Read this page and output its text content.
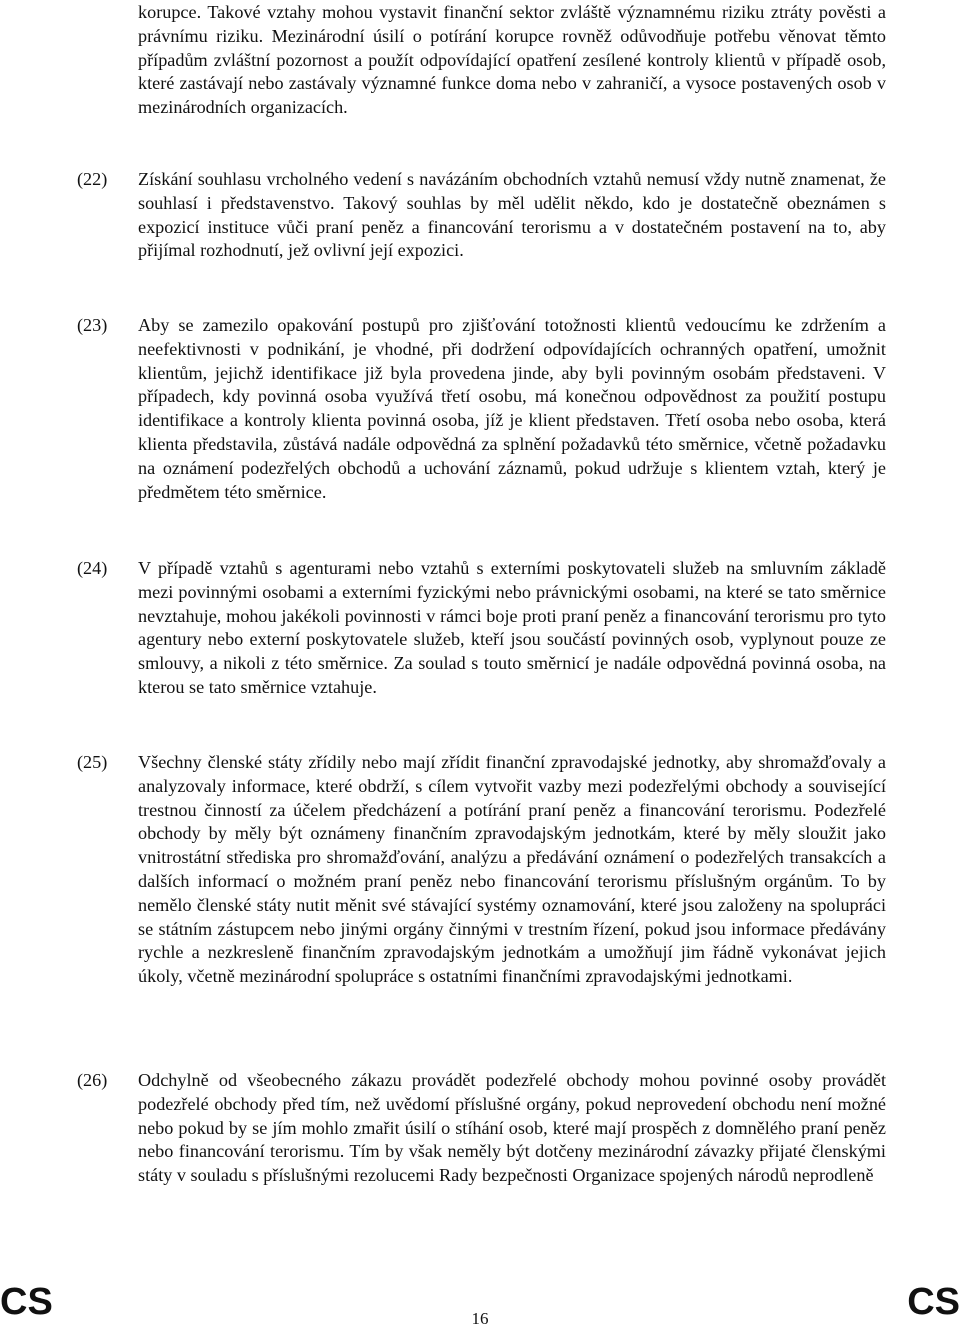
korupce. Takové vztahy mohou vystavit finanční sektor zvláště významnému riziku ztráty pověsti a právnímu riziku. Mezinárodní úsilí o potírání korupce rovněž odůvodňuje potřebu věnovat těmto případům zvláštní pozornost a použít odpovídající opatření zesílené kontroly klientů v případě osob, které zastávají nebo zastávaly významné funkce doma nebo v zahraničí, a vysoce postavených osob v mezinárodních organizacích.

(22) Získání souhlasu vrcholného vedení s navázáním obchodních vztahů nemusí vždy nutně znamenat, že souhlasí i představenstvo. Takový souhlas by měl udělit někdo, kdo je dostatečně obeznámen s expozicí instituce vůči praní peněz a financování terorismu a v dostatečném postavení na to, aby přijímal rozhodnutí, jež ovlivní její expozici.

(23) Aby se zamezilo opakování postupů pro zjišťování totožnosti klientů vedoucímu ke zdržením a neefektivnosti v podnikání, je vhodné, při dodržení odpovídajících ochranných opatření, umožnit klientům, jejichž identifikace již byla provedena jinde, aby byli povinným osobám představeni. V případech, kdy povinná osoba využívá třetí osobu, má konečnou odpovědnost za použití postupu identifikace a kontroly klienta povinná osoba, jíž je klient představen. Třetí osoba nebo osoba, která klienta představila, zůstává nadále odpovědná za splnění požadavků této směrnice, včetně požadavku na oznámení podezřelých obchodů a uchování záznamů, pokud udržuje s klientem vztah, který je předmětem této směrnice.

(24) V případě vztahů s agenturami nebo vztahů s externími poskytovateli služeb na smluvním základě mezi povinnými osobami a externími fyzickými nebo právnickými osobami, na které se tato směrnice nevztahuje, mohou jakékoli povinnosti v rámci boje proti praní peněz a financování terorismu pro tyto agentury nebo externí poskytovatele služeb, kteří jsou součástí povinných osob, vyplynout pouze ze smlouvy, a nikoli z této směrnice. Za soulad s touto směrnicí je nadále odpovědná povinná osoba, na kterou se tato směrnice vztahuje.

(25) Všechny členské státy zřídily nebo mají zřídit finanční zpravodajské jednotky, aby shromažďovaly a analyzovaly informace, které obdrží, s cílem vytvořit vazby mezi podezřelými obchody a související trestnou činností za účelem předcházení a potírání praní peněz a financování terorismu. Podezřelé obchody by měly být oznámeny finančním zpravodajským jednotkám, které by měly sloužit jako vnitrostátní střediska pro shromažďování, analýzu a předávání oznámení o podezřelých transakcích a dalších informací o možném praní peněz nebo financování terorismu příslušným orgánům. To by nemělo členské státy nutit měnit své stávající systémy oznamování, které jsou založeny na spolupráci se státním zástupcem nebo jinými orgány činnými v trestním řízení, pokud jsou informace předávány rychle a nezkresleně finančním zpravodajským jednotkám a umožňují jim řádně vykonávat jejich úkoly, včetně mezinárodní spolupráce s ostatními finančními zpravodajskými jednotkami.

(26) Odchylně od všeobecného zákazu provádět podezřelé obchody mohou povinné osoby provádět podezřelé obchody před tím, než uvědomí příslušné orgány, pokud neprovedení obchodu není možné nebo pokud by se jím mohlo zmařit úsilí o stíhání osob, které mají prospěch z domnělého praní peněz nebo financování terorismu. Tím by však neměly být dotčeny mezinárodní závazky přijaté členskými státy v souladu s příslušnými rezolucemi Rady bezpečnosti Organizace spojených národů neprodleně

CS	16	CS
